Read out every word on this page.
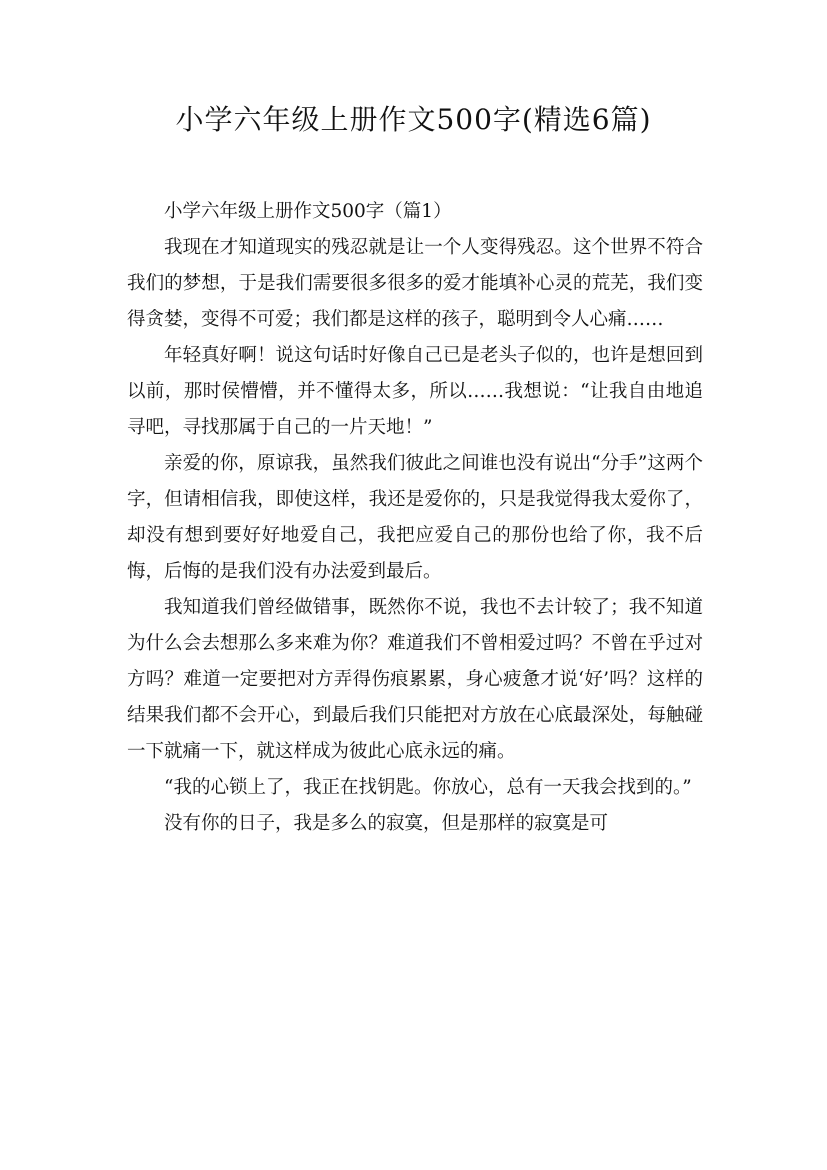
小学六年级上册作文500字(精选6篇)

小学六年级上册作文500字（篇1）

我现在才知道现实的残忍就是让一个人变得残忍。这个世界不符合我们的梦想，于是我们需要很多很多的爱才能填补心灵的荒芜，我们变得贪婪，变得不可爱；我们都是这样的孩子，聪明到令人心痛……

年轻真好啊！说这句话时好像自己已是老头子似的，也许是想回到以前，那时侯懵懵，并不懂得太多，所以……我想说：“让我自由地追寻吧，寻找那属于自己的一片天地！”

亲爱的你，原谅我，虽然我们彼此之间谁也没有说出“分手”这两个字，但请相信我，即使这样，我还是爱你的，只是我觉得我太爱你了，却没有想到要好好地爱自己，我把应爱自己的那份也给了你，我不后悔，后悔的是我们没有办法爱到最后。

我知道我们曾经做错事，既然你不说，我也不去计较了；我不知道为什么会去想那么多来难为你？难道我们不曾相爱过吗？不曾在乎过对方吗？难道一定要把对方弄得伤痕累累，身心疲惫才说‘好’吗？这样的结果我们都不会开心，到最后我们只能把对方放在心底最深处，每触碰一下就痛一下，就这样成为彼此心底永远的痛。

“我的心锁上了，我正在找钥匙。你放心，总有一天我会找到的。”

没有你的日子，我是多么的寂寞，但是那样的寂寞是可
